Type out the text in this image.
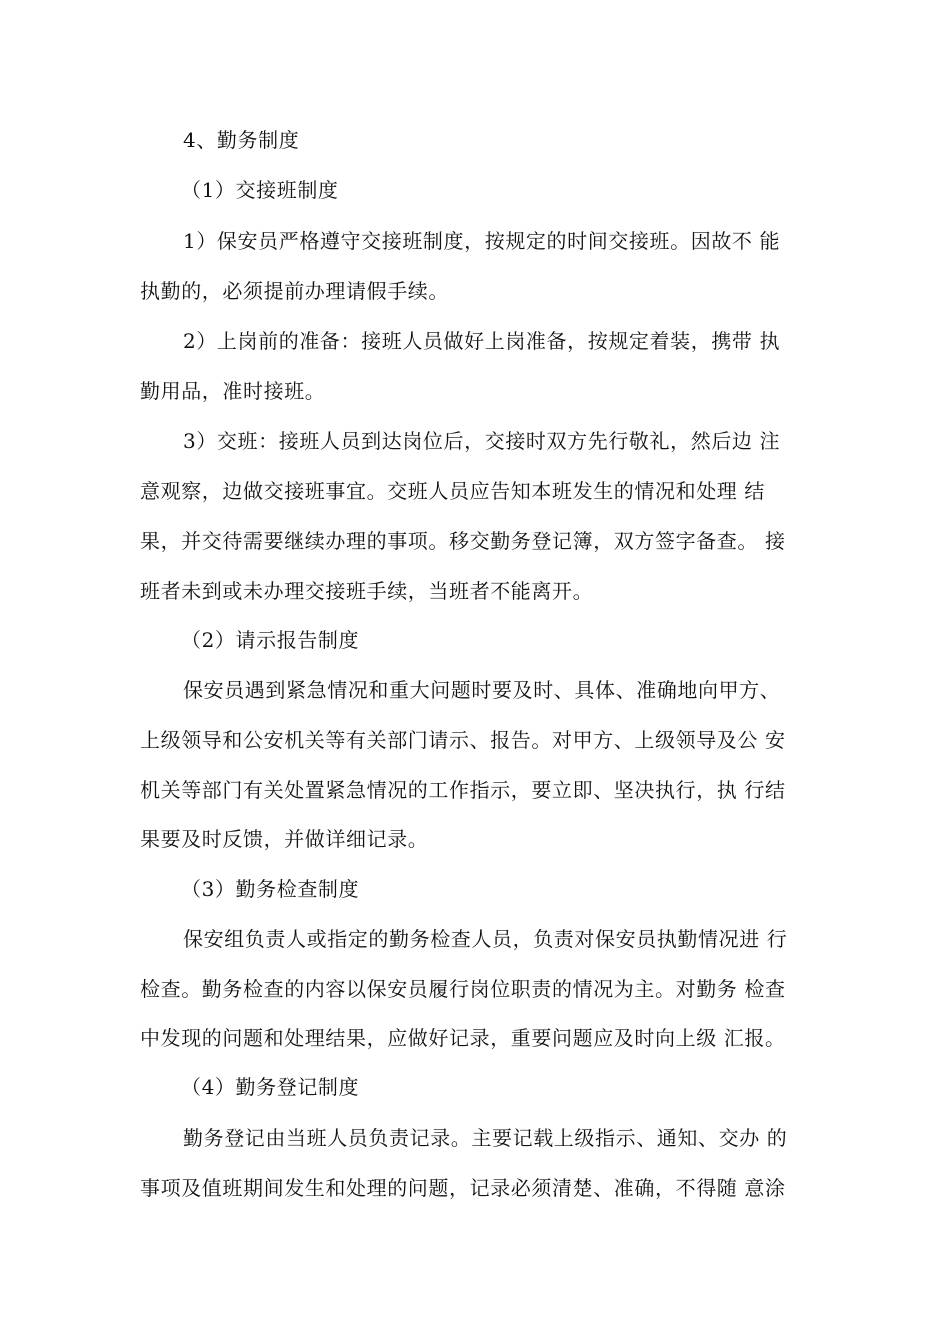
4、勤务制度
（1）交接班制度
1）保安员严格遵守交接班制度，按规定的时间交接班。因故不 能
执勤的，必须提前办理请假手续。
2）上岗前的准备：接班人员做好上岗准备，按规定着装，携带 执
勤用品，准时接班。
3）交班：接班人员到达岗位后，交接时双方先行敬礼，然后边 注
意观察，边做交接班事宜。交班人员应告知本班发生的情况和处理 结
果，并交待需要继续办理的事项。移交勤务登记簿，双方签字备查。 接
班者未到或未办理交接班手续，当班者不能离开。
（2）请示报告制度
保安员遇到紧急情况和重大问题时要及时、具体、准确地向甲方、
上级领导和公安机关等有关部门请示、报告。对甲方、上级领导及公 安
机关等部门有关处置紧急情况的工作指示，要立即、坚决执行，执 行结
果要及时反馈，并做详细记录。
（3）勤务检查制度
保安组负责人或指定的勤务检查人员，负责对保安员执勤情况进 行
检查。勤务检查的内容以保安员履行岗位职责的情况为主。对勤务 检查
中发现的问题和处理结果，应做好记录，重要问题应及时向上级 汇报。
（4）勤务登记制度
勤务登记由当班人员负责记录。主要记载上级指示、通知、交办 的
事项及值班期间发生和处理的问题，记录必须清楚、准确，不得随 意涂
